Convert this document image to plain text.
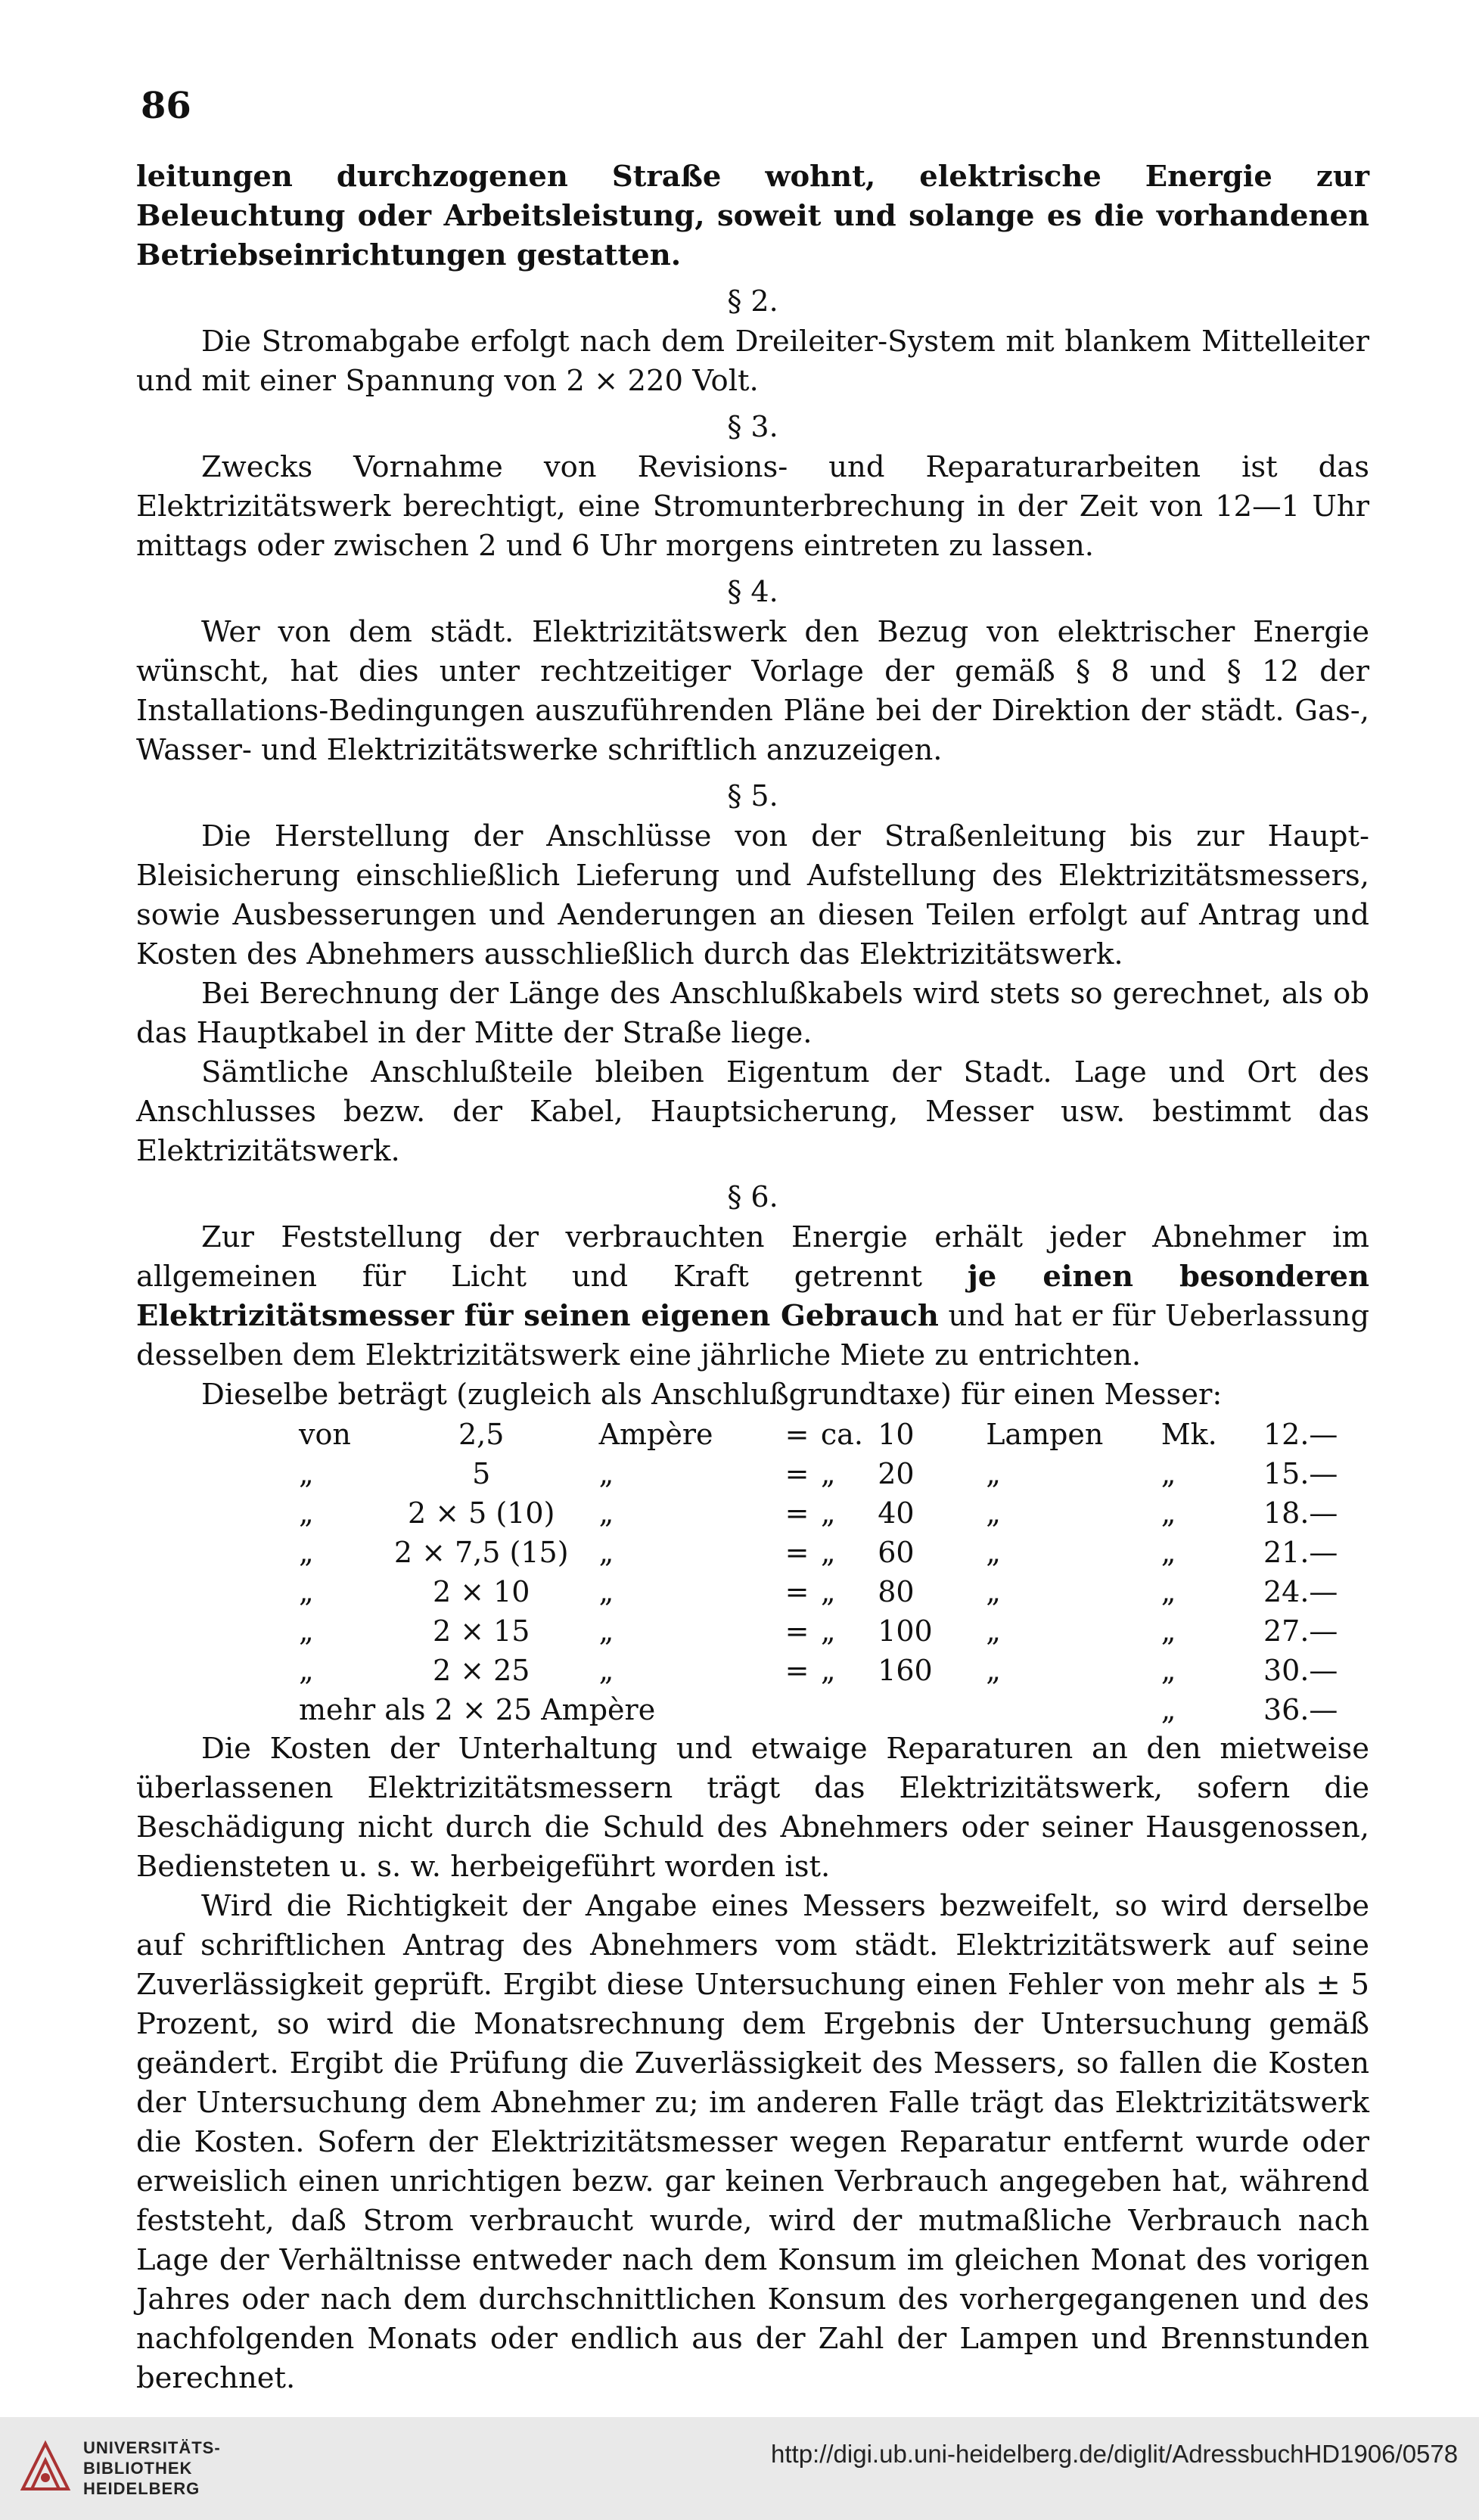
86

leitungen durchzogenen Straße wohnt, elektrische Energie zur Beleuchtung oder Arbeitsleistung, soweit und solange es die vorhandenen Betriebseinrichtungen gestatten.

§ 2.

Die Stromabgabe erfolgt nach dem Dreileiter-System mit blankem Mittelleiter und mit einer Spannung von 2 × 220 Volt.

§ 3.

Zwecks Vornahme von Revisions- und Reparaturarbeiten ist das Elektrizitätswerk berechtigt, eine Stromunterbrechung in der Zeit von 12—1 Uhr mittags oder zwischen 2 und 6 Uhr morgens eintreten zu lassen.

§ 4.

Wer von dem städt. Elektrizitätswerk den Bezug von elektrischer Energie wünscht, hat dies unter rechtzeitiger Vorlage der gemäß § 8 und § 12 der Installations-Bedingungen auszuführenden Pläne bei der Direktion der städt. Gas-, Wasser- und Elektrizitätswerke schriftlich anzuzeigen.

§ 5.

Die Herstellung der Anschlüsse von der Straßenleitung bis zur Haupt-Bleisicherung einschließlich Lieferung und Aufstellung des Elektrizitätsmessers, sowie Ausbesserungen und Aenderungen an diesen Teilen erfolgt auf Antrag und Kosten des Abnehmers ausschließlich durch das Elektrizitätswerk.

Bei Berechnung der Länge des Anschlußkabels wird stets so gerechnet, als ob das Hauptkabel in der Mitte der Straße liege.

Sämtliche Anschlußteile bleiben Eigentum der Stadt. Lage und Ort des Anschlusses bezw. der Kabel, Hauptsicherung, Messer usw. bestimmt das Elektrizitätswerk.

§ 6.

Zur Feststellung der verbrauchten Energie erhält jeder Abnehmer im allgemeinen für Licht und Kraft getrennt je einen besonderen Elektrizitätsmesser für seinen eigenen Gebrauch und hat er für Ueberlassung desselben dem Elektrizitätswerk eine jährliche Miete zu entrichten.

Dieselbe beträgt (zugleich als Anschlußgrundtaxe) für einen Messer:

von	2,5	Ampère	=	ca.	10	Lampen	Mk.	12.—
„	5	„	=	„	20	„	„	15.—
„	2 × 5 (10)	„	=	„	40	„	„	18.—
„	2 × 7,5 (15)	„	=	„	60	„	„	21.—
„	2 × 10	„	=	„	80	„	„	24.—
„	2 × 15	„	=	„	100	„	„	27.—
„	2 × 25	„	=	„	160	„	„	30.—
mehr als 2 × 25 Ampère							„	36.—

Die Kosten der Unterhaltung und etwaige Reparaturen an den mietweise überlassenen Elektrizitätsmessern trägt das Elektrizitätswerk, sofern die Beschädigung nicht durch die Schuld des Abnehmers oder seiner Hausgenossen, Bediensteten u. s. w. herbeigeführt worden ist.

Wird die Richtigkeit der Angabe eines Messers bezweifelt, so wird derselbe auf schriftlichen Antrag des Abnehmers vom städt. Elektrizitätswerk auf seine Zuverlässigkeit geprüft. Ergibt diese Untersuchung einen Fehler von mehr als ± 5 Prozent, so wird die Monatsrechnung dem Ergebnis der Untersuchung gemäß geändert. Ergibt die Prüfung die Zuverlässigkeit des Messers, so fallen die Kosten der Untersuchung dem Abnehmer zu; im anderen Falle trägt das Elektrizitätswerk die Kosten. Sofern der Elektrizitätsmesser wegen Reparatur entfernt wurde oder erweislich einen unrichtigen bezw. gar keinen Verbrauch angegeben hat, während feststeht, daß Strom verbraucht wurde, wird der mutmaßliche Verbrauch nach Lage der Verhältnisse entweder nach dem Konsum im gleichen Monat des vorigen Jahres oder nach dem durchschnittlichen Konsum des vorhergegangenen und des nachfolgenden Monats oder endlich aus der Zahl der Lampen und Brennstunden berechnet.

UNIVERSITÄTS-
BIBLIOTHEK
HEIDELBERG
http://digi.ub.uni-heidelberg.de/diglit/AdressbuchHD1906/0578
